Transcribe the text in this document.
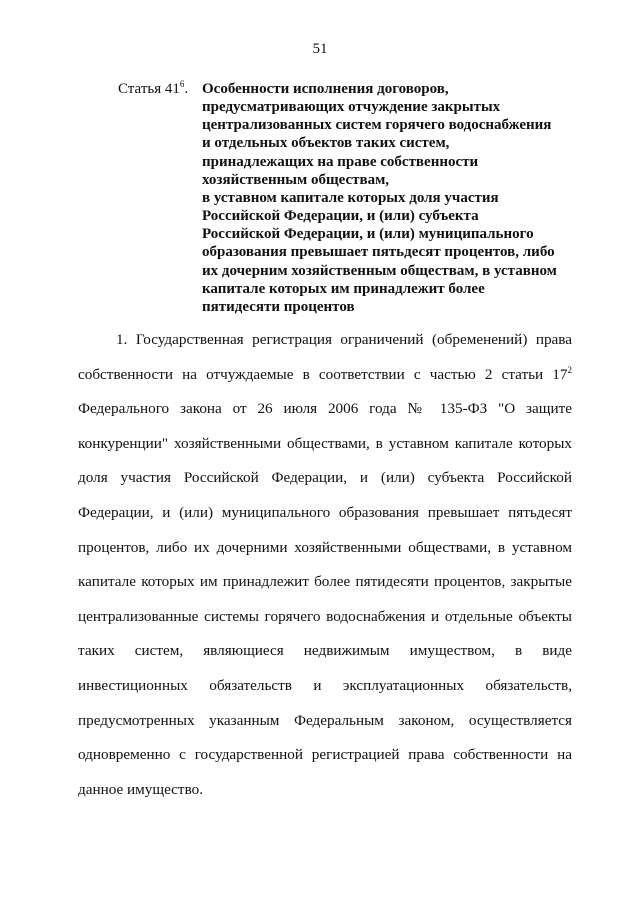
51
Статья $41^6$. Особенности исполнения договоров,
предусматривающих отчуждение закрытых
централизованных систем горячего водоснабжения
и отдельных объектов таких систем,
принадлежащих на праве собственности
хозяйственным обществам,
в уставном капитале которых доля участия
Российской Федерации, и (или) субъекта
Российской Федерации, и (или) муниципального
образования превышает пятьдесят процентов, либо
их дочерним хозяйственным обществам, в уставном
капитале которых им принадлежит более
пятидесяти процентов
1. Государственная регистрация ограничений (обременений) права
собственности на отчуждаемые в соответствии с частью 2 статьи $17^2$
Федерального закона от 26 июля 2006 года № 135-ФЗ "О защите
конкуренции" хозяйственными обществами, в уставном капитале которых
доля участия Российской Федерации, и (или) субъекта Российской
Федерации, и (или) муниципального образования превышает пятьдесят
процентов, либо их дочерними хозяйственными обществами, в уставном
капитале которых им принадлежит более пятидесяти процентов, закрытые
централизованные системы горячего водоснабжения и отдельные объекты
таких систем, являющиеся недвижимым имуществом, в виде
инвестиционных обязательств и эксплуатационных обязательств,
предусмотренных указанным Федеральным законом, осуществляется
одновременно с государственной регистрацией права собственности на
данное имущество.
